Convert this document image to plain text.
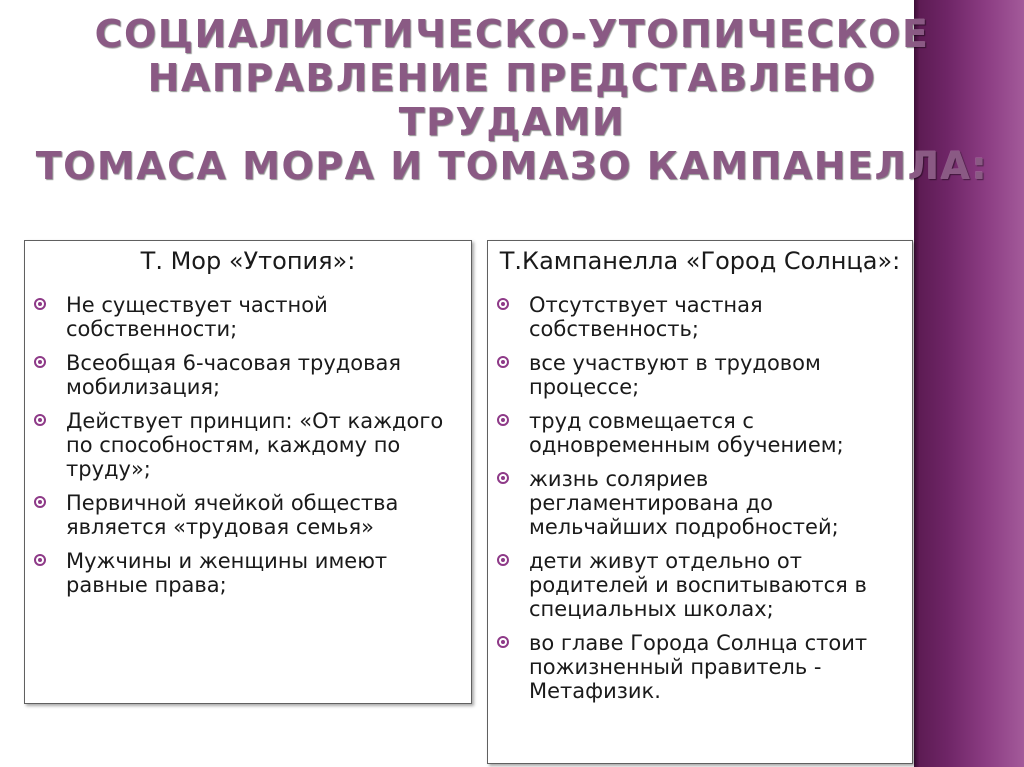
СОЦИАЛИСТИЧЕСКО-УТОПИЧЕСКОЕ
НАПРАВЛЕНИЕ ПРЕДСТАВЛЕНО
ТРУДАМИ
ТОМАСА МОРА И ТОМАЗО КАМПАНЕЛЛА:
Т. Мор «Утопия»:
Не существует частной собственности;
Всеобщая 6-часовая трудовая мобилизация;
Действует принцип: «От каждого по способностям, каждому по труду»;
Первичной ячейкой общества является «трудовая семья»
Мужчины и женщины имеют равные права;
Т.Кампанелла «Город Солнца»:
Отсутствует частная собственность;
все участвуют в трудовом процессе;
труд совмещается с одновременным обучением;
жизнь соляриев регламентирована до мельчайших подробностей;
дети живут отдельно от родителей и воспитываются в специальных школах;
во главе Города Солнца стоит пожизненный правитель - Метафизик.
